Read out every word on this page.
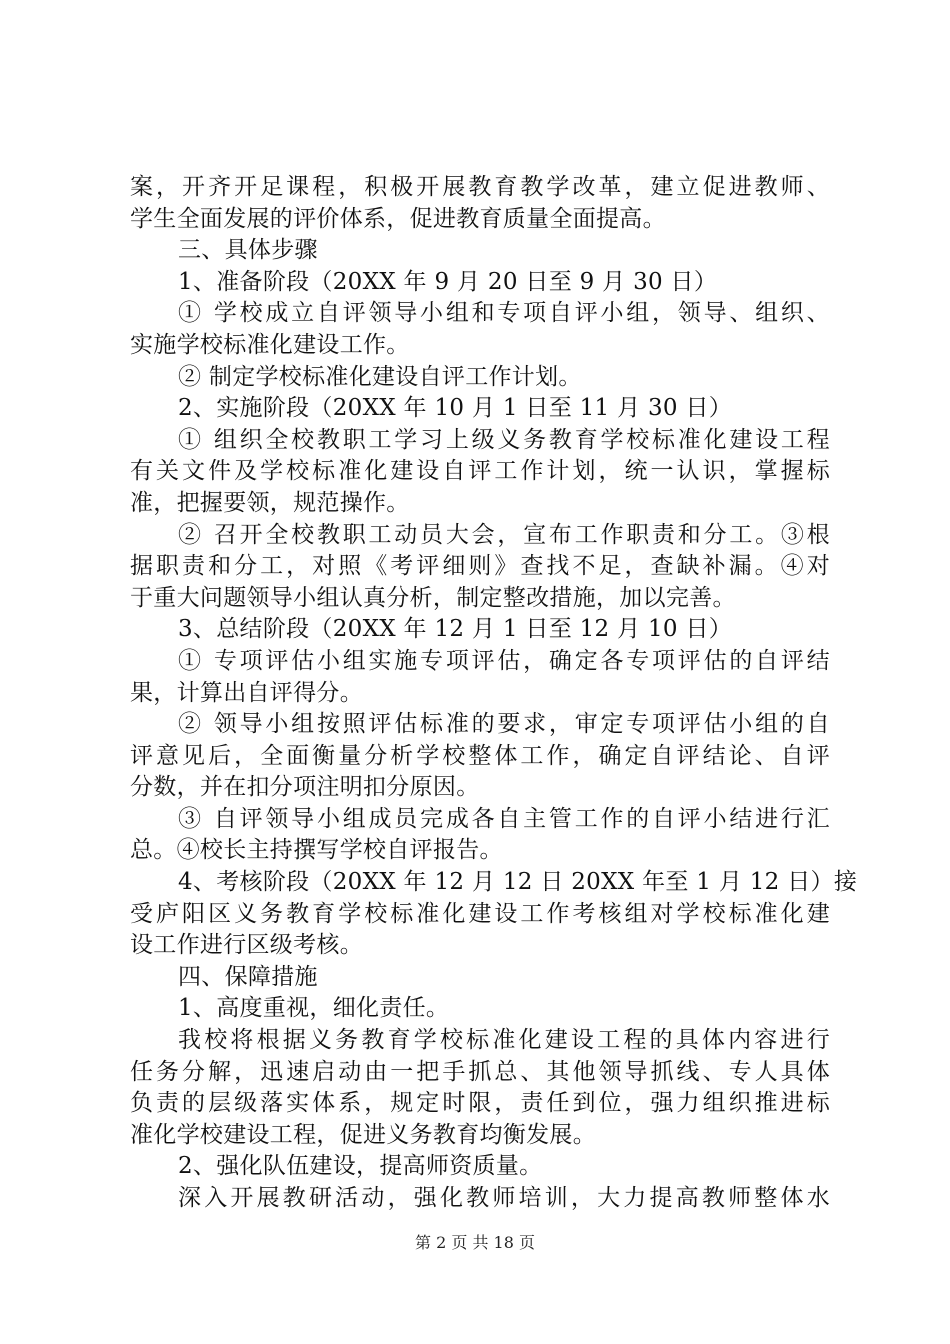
案，开齐开足课程，积极开展教育教学改革，建立促进教师、
学生全面发展的评价体系，促进教育质量全面提高。
三、具体步骤
1、准备阶段（20XX 年 9 月 20 日至 9 月 30 日）
① 学校成立自评领导小组和专项自评小组，领导、组织、
实施学校标准化建设工作。
② 制定学校标准化建设自评工作计划。
2、实施阶段（20XX 年 10 月 1 日至 11 月 30 日）
① 组织全校教职工学习上级义务教育学校标准化建设工程
有关文件及学校标准化建设自评工作计划，统一认识，掌握标
准，把握要领，规范操作。
② 召开全校教职工动员大会，宣布工作职责和分工。③根
据职责和分工，对照《考评细则》查找不足，查缺补漏。④对
于重大问题领导小组认真分析，制定整改措施，加以完善。
3、总结阶段（20XX 年 12 月 1 日至 12 月 10 日）
① 专项评估小组实施专项评估，确定各专项评估的自评结
果，计算出自评得分。
② 领导小组按照评估标准的要求，审定专项评估小组的自
评意见后，全面衡量分析学校整体工作，确定自评结论、自评
分数，并在扣分项注明扣分原因。
③ 自评领导小组成员完成各自主管工作的自评小结进行汇
总。④校长主持撰写学校自评报告。
4、考核阶段（20XX 年 12 月 12 日 20XX 年至 1 月 12 日）接
受庐阳区义务教育学校标准化建设工作考核组对学校标准化建
设工作进行区级考核。
四、保障措施
1、高度重视，细化责任。
我校将根据义务教育学校标准化建设工程的具体内容进行
任务分解，迅速启动由一把手抓总、其他领导抓线、专人具体
负责的层级落实体系，规定时限，责任到位，强力组织推进标
准化学校建设工程，促进义务教育均衡发展。
2、强化队伍建设，提高师资质量。
深入开展教研活动，强化教师培训，大力提高教师整体水
第 2 页 共 18 页
